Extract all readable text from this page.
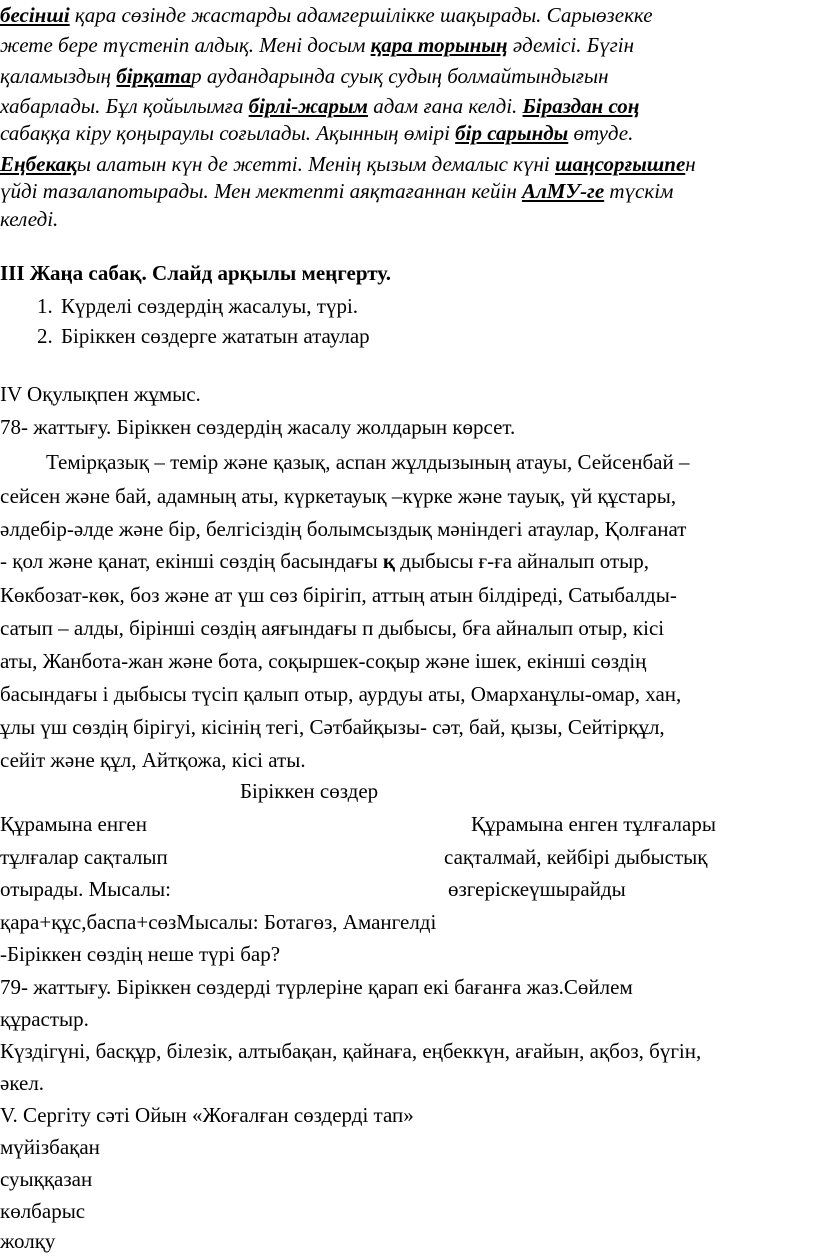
бесінші қара сөзінде жастарды адамгершілікке шақырады. Сарыөзекке
жете бере түстеніп алдық. Мені досым қара торының әдемісі. Бүгін
қаламыздың бірқатар аудандарында суық судың болмайтындығын
хабарлады. Бұл қойылымға бірлі-жарым адам ғана келді. Біраздан соң
сабаққа кіру қоңыраулы соғылады. Ақынның өмірі бір сарынды өтуде.
Еңбекақы алатын күн де жетті. Менің қызым демалыс күні шаңсорғышпен
үйді тазалапотырады. Мен мектепті аяқтағаннан кейін АлМУ-ге түскім
келеді.
ІІІ Жаңа сабақ. Слайд арқылы меңгерту.
1. Күрделі сөздердің жасалуы, түрі.
2. Біріккен сөздерге жататын атаулар
ІV Оқулықпен жұмыс.
78- жаттығу. Біріккен сөздердің жасалу жолдарын көрсет.
Темірқазық – темір және қазық, аспан жұлдызының атауы, Сейсенбай –
сейсен және бай, адамның аты, күркетауық –күрке және тауық, үй құстары,
әлдебір-әлде және бір, белгісіздің болымсыздық мәніндегі атаулар, Қолғанат
- қол және қанат, екінші сөздің басындағы қ дыбысы ғ-ға айналып отыр,
Көкбозат-көк, боз және ат үш сөз бірігіп, аттың атын білдіреді, Сатыбалды-
сатып – алды, бірінші сөздің аяғындағы п дыбысы, бға айналып отыр, кісі
аты, Жанбота-жан және бота, соқыршек-соқыр және ішек, екінші сөздің
басындағы і дыбысы түсіп қалып отыр, аурдуы аты, Омарханұлы-омар, хан,
ұлы үш сөздің бірігуі, кісінің тегі, Сәтбайқызы- сәт, бай, қызы, Сейтірқұл,
сейіт және құл, Айтқожа, кісі аты.
Біріккен сөздер
Құрамына енген	Құрамына енген тұлғалары
тұлғалар сақталып	сақталмай, кейбірі дыбыстық
отырады. Мысалы:	өзгерiскеүшырайды
қара+құс,баспа+сөзМысалы: Ботагөз, Амангелді
-Біріккен сөздің неше түрі бар?
79- жаттығу. Біріккен сөздерді түрлеріне қарап екі бағанға жаз.Сөйлем
құрастыр.
Күздігүні, басқұр, білезік, алтыбақан, қайнаға, еңбеккүн, ағайын, ақбоз, бүгін,
әкел.
V. Сергіту сәті Ойын «Жоғалған сөздерді тап»
мүйізбақан
суыққазан
көлбарыс
жолқу
